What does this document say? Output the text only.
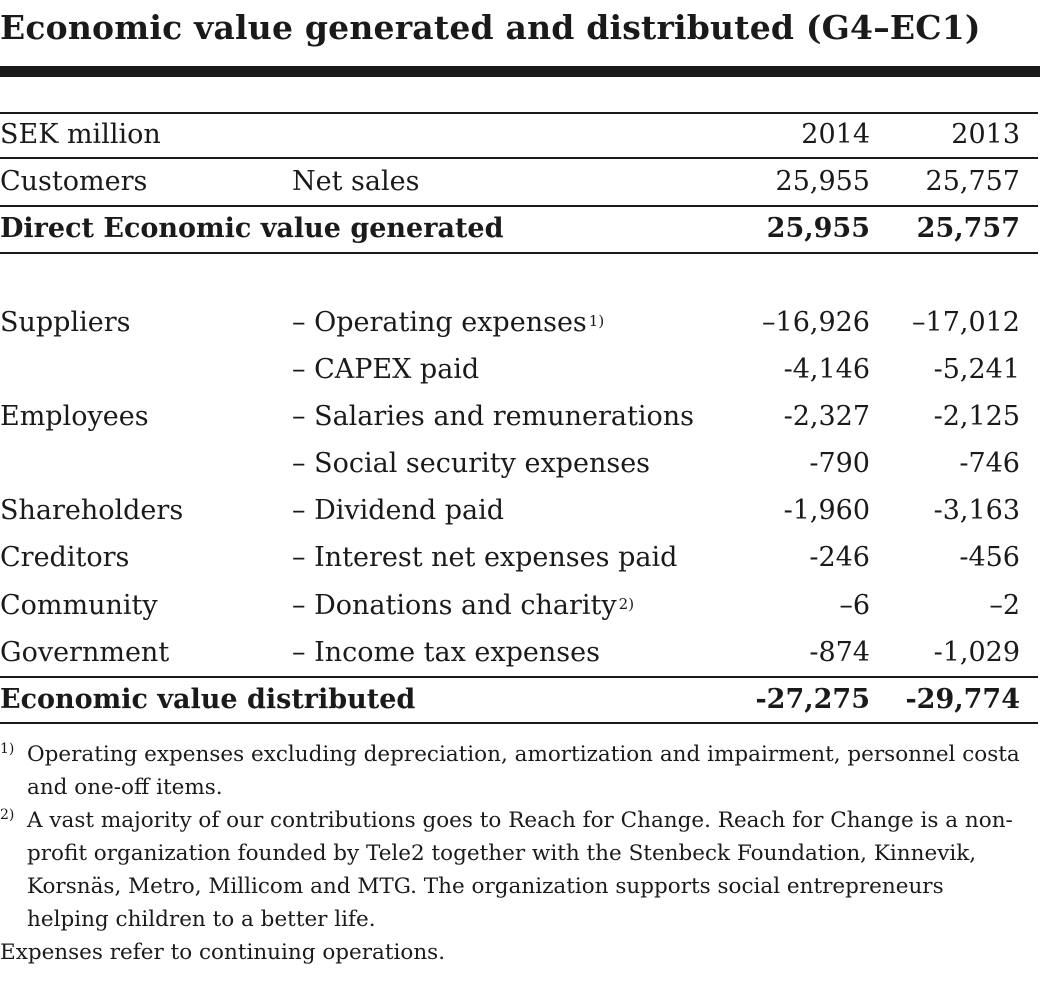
Economic value generated and distributed (G4–EC1)
SEK million	2014	2013
Customers	Net sales	25,955 25,757
Direct Economic value generated	25,955 25,757
Suppliers	– Operating expenses $^{1)}$	–16,926 –17,012
– CAPEX paid	-4,146 -5,241
Employees	– Salaries and remunerations	-2,327 -2,125
– Social security expenses	-790	-746
Shareholders	– Dividend paid	-1,960 -3,163
Creditors	– Interest net expenses paid	-246	-456
Community	– Donations and charity $^{2)}$	–6	–2
Government	– Income tax expenses	-874 -1,029
Economic value distributed	-27,275 -29,774
1) Operating expenses excluding depreciation, amortization and impairment, personnel costa and one-off items.
2) A vast majority of our contributions goes to Reach for Change. Reach for Change is a non-profit organization founded by Tele2 together with the Stenbeck Foundation, Kinnevik, Korsnäs, Metro, Millicom and MTG. The organization supports social entrepreneurs helping children to a better life.
Expenses refer to continuing operations.
